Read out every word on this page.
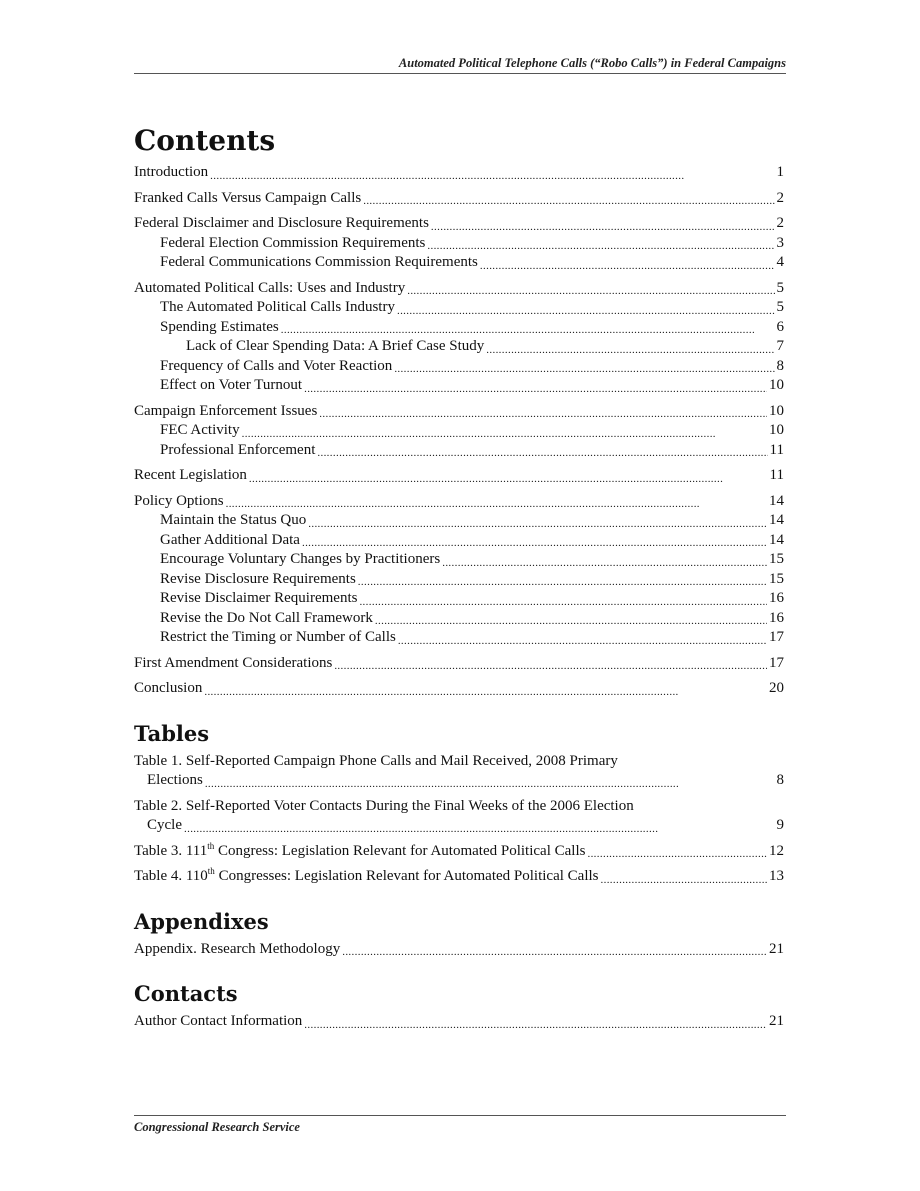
Automated Political Telephone Calls (“Robo Calls”) in Federal Campaigns
Contents
Introduction . . .	1
Franked Calls Versus Campaign Calls . . .	2
Federal Disclaimer and Disclosure Requirements . . .	2
Federal Election Commission Requirements . . .	3
Federal Communications Commission Requirements . . .	4
Automated Political Calls: Uses and Industry . . .	5
The Automated Political Calls Industry . . .	5
Spending Estimates . . .	6
Lack of Clear Spending Data: A Brief Case Study . . .	7
Frequency of Calls and Voter Reaction . . .	8
Effect on Voter Turnout . . .	10
Campaign Enforcement Issues . . .	10
FEC Activity . . .	10
Professional Enforcement . . .	11
Recent Legislation . . .	11
Policy Options . . .	14
Maintain the Status Quo . . .	14
Gather Additional Data . . .	14
Encourage Voluntary Changes by Practitioners . . .	15
Revise Disclosure Requirements . . .	15
Revise Disclaimer Requirements . . .	16
Revise the Do Not Call Framework . . .	16
Restrict the Timing or Number of Calls . . .	17
First Amendment Considerations . . .	17
Conclusion . . .	20
Tables
Table 1. Self-Reported Campaign Phone Calls and Mail Received, 2008 Primary
Elections . . .	8
Table 2. Self-Reported Voter Contacts During the Final Weeks of the 2006 Election
Cycle . . .	9
Table 3. 111th Congress: Legislation Relevant for Automated Political Calls . . .	12
Table 4. 110th Congresses: Legislation Relevant for Automated Political Calls . . .	13
Appendixes
Appendix. Research Methodology . . .	21
Contacts
Author Contact Information . . .	21
Congressional Research Service
